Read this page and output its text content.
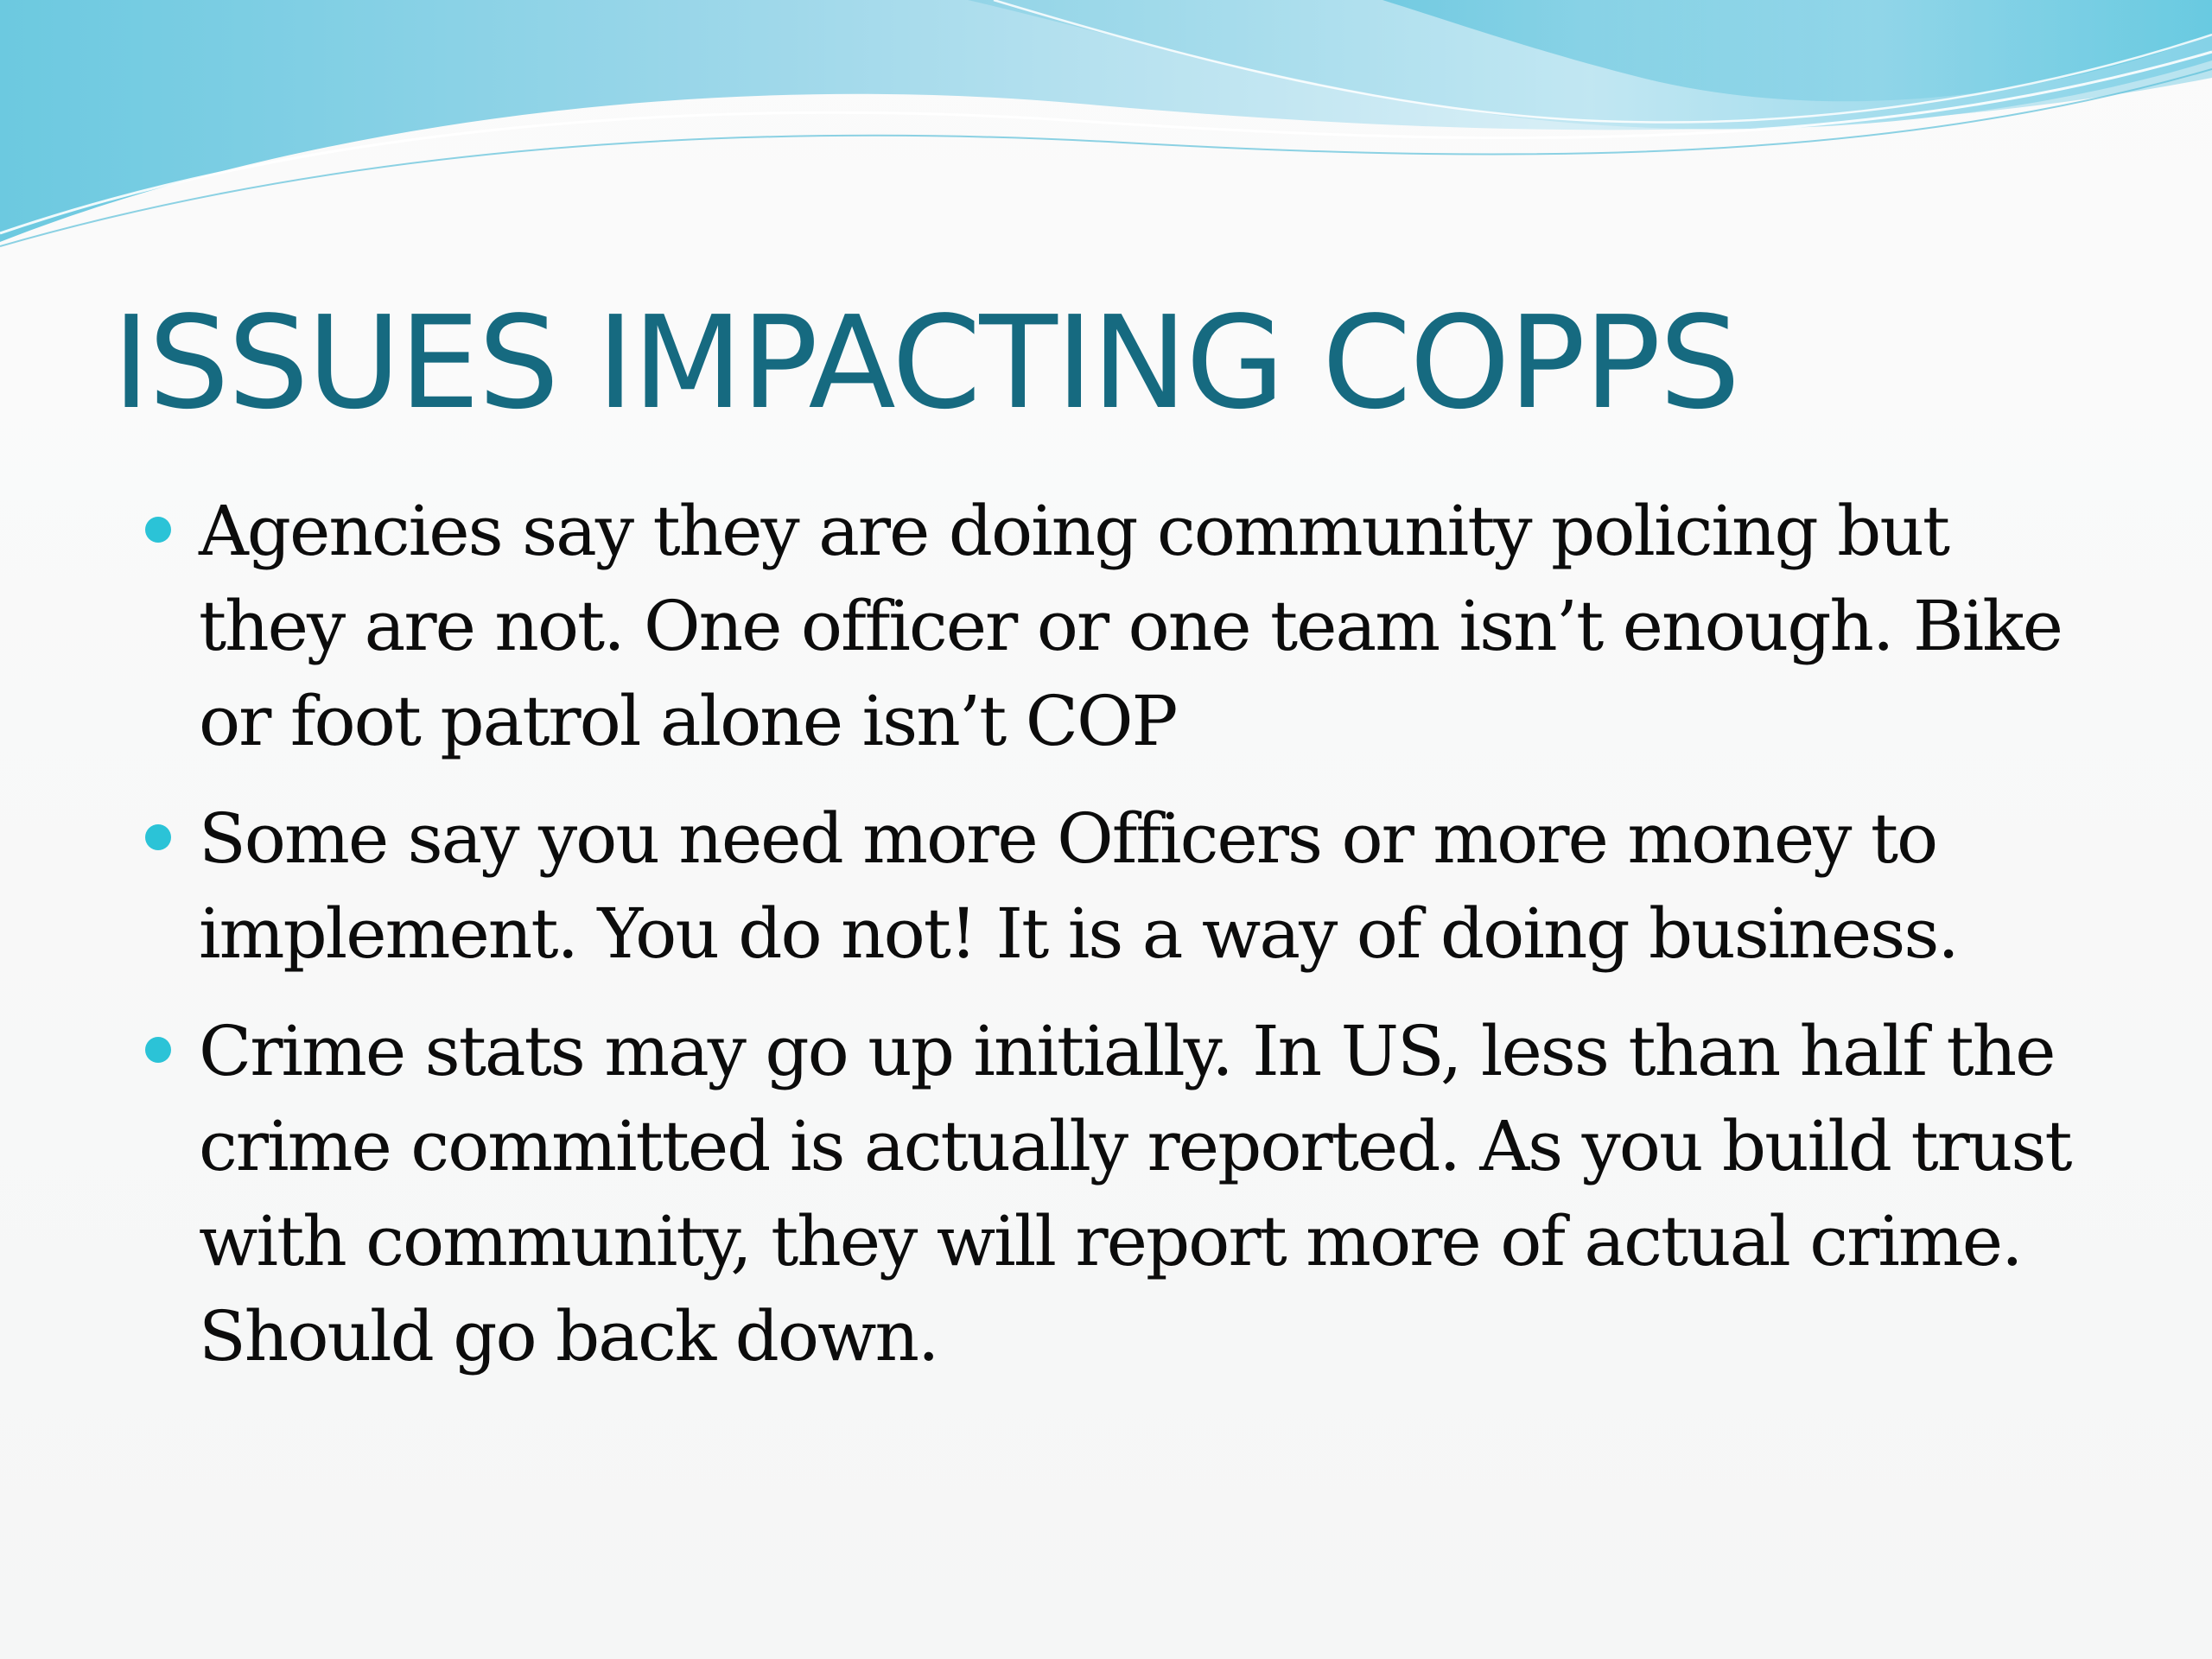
ISSUES IMPACTING COPPS
Agencies say they are doing community policing but they are not. One officer or one team isn’t enough. Bike or foot patrol alone isn’t COP
Some say you need more Officers or more money to implement. You do not! It is a way of doing business.
Crime stats may go up initially. In US, less than half the crime committed is actually reported. As you build trust with community, they will report more of actual crime. Should go back down.
